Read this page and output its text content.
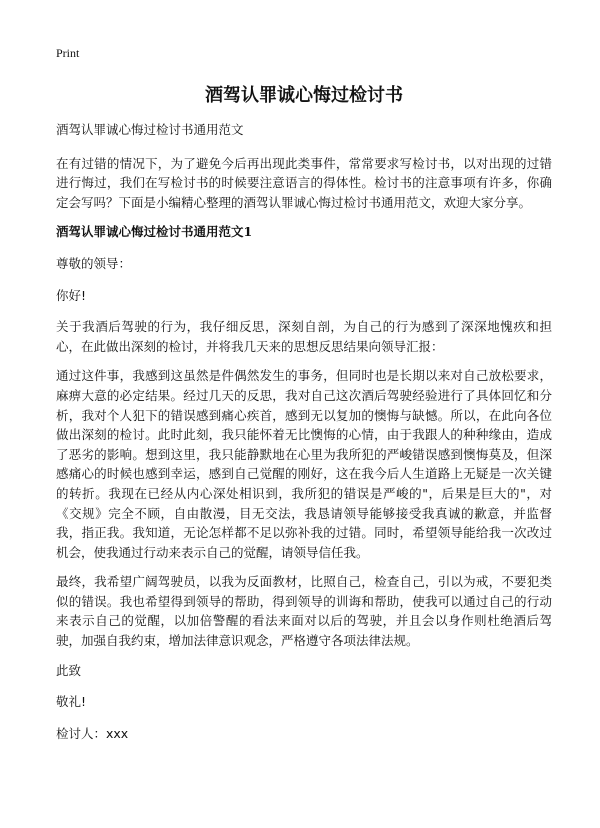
Print
酒驾认罪诚心悔过检讨书

酒驾认罪诚心悔过检讨书通用范文

在有过错的情况下，为了避免今后再出现此类事件，常常要求写检讨书，以对出现的过错进行悔过，我们在写检讨书的时候要注意语言的得体性。检讨书的注意事项有许多，你确定会写吗？下面是小编精心整理的酒驾认罪诚心悔过检讨书通用范文，欢迎大家分享。

酒驾认罪诚心悔过检讨书通用范文1

尊敬的领导：

你好!

关于我酒后驾驶的行为，我仔细反思，深刻自剖，为自己的行为感到了深深地愧疚和担心，在此做出深刻的检讨，并将我几天来的思想反思结果向领导汇报：

通过这件事，我感到这虽然是件偶然发生的事务，但同时也是长期以来对自己放松要求，麻痹大意的必定结果。经过几天的反思，我对自己这次酒后驾驶经验进行了具体回忆和分析，我对个人犯下的错误感到痛心疾首，感到无以复加的懊悔与缺憾。所以，在此向各位做出深刻的检讨。此时此刻，我只能怀着无比懊悔的心情，由于我跟人的种种缘由，造成了恶劣的影响。想到这里，我只能静默地在心里为我所犯的严峻错误感到懊悔莫及，但深感痛心的时候也感到幸运，感到自己觉醒的刚好，这在我今后人生道路上无疑是一次关键的转折。我现在已经从内心深处相识到，我所犯的错误是严峻的"，后果是巨大的"，对《交规》完全不顾，自由散漫，目无交法，我恳请领导能够接受我真诚的歉意，并监督我，指正我。我知道，无论怎样都不足以弥补我的过错。同时，希望领导能给我一次改过机会，使我通过行动来表示自己的觉醒，请领导信任我。

最终，我希望广阔驾驶员，以我为反面教材，比照自己，检查自己，引以为戒，不要犯类似的错误。我也希望得到领导的帮助，得到领导的训诲和帮助，使我可以通过自己的行动来表示自己的觉醒，以加倍警醒的看法来面对以后的驾驶，并且会以身作则杜绝酒后驾驶，加强自我约束，增加法律意识观念，严格遵守各项法律法规。

此致

敬礼!

检讨人：xxx
